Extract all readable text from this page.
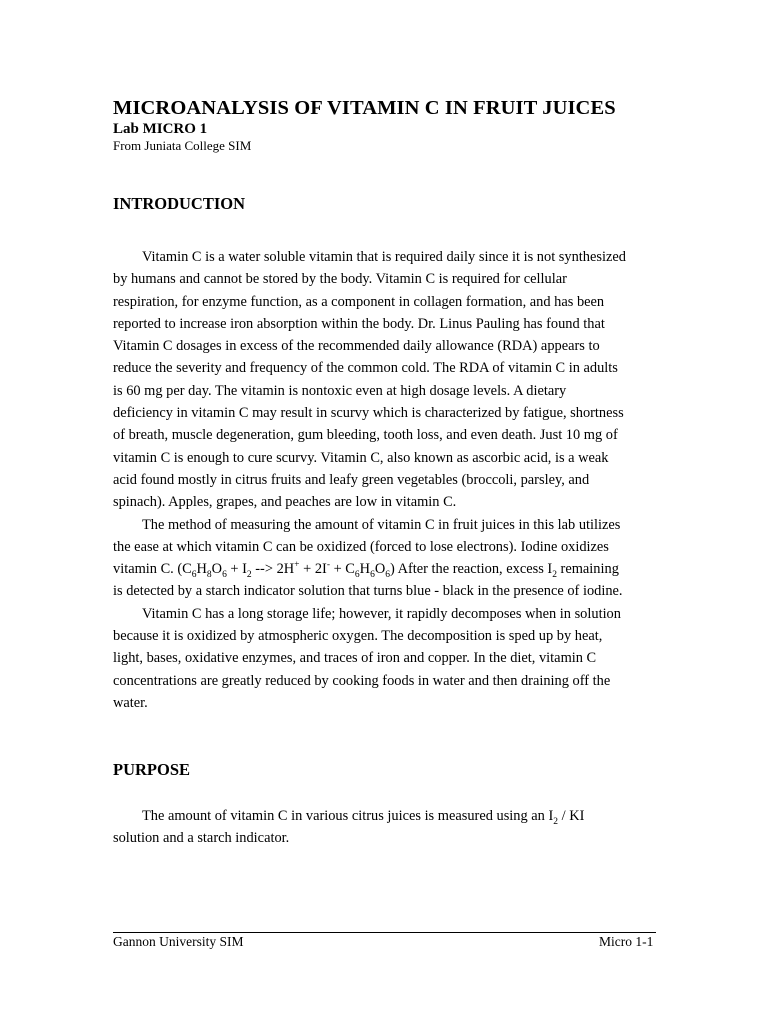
MICROANALYSIS OF VITAMIN C IN FRUIT JUICES
Lab MICRO 1
From Juniata College SIM
INTRODUCTION
Vitamin C is a water soluble vitamin that is required daily since it is not synthesized
by humans and cannot be stored by the body. Vitamin C is required for cellular
respiration, for enzyme function, as a component in collagen formation, and has been
reported to increase iron absorption within the body. Dr. Linus Pauling has found that
Vitamin C dosages in excess of the recommended daily allowance (RDA) appears to
reduce the severity and frequency of the common cold. The RDA of vitamin C in adults
is 60 mg per day. The vitamin is nontoxic even at high dosage levels. A dietary
deficiency in vitamin C may result in scurvy which is characterized by fatigue, shortness
of breath, muscle degeneration, gum bleeding, tooth loss, and even death. Just 10 mg of
vitamin C is enough to cure scurvy. Vitamin C, also known as ascorbic acid, is a weak
acid found mostly in citrus fruits and leafy green vegetables (broccoli, parsley, and
spinach). Apples, grapes, and peaches are low in vitamin C.
The method of measuring the amount of vitamin C in fruit juices in this lab utilizes
the ease at which vitamin C can be oxidized (forced to lose electrons). Iodine oxidizes
vitamin C. ($C_6H_8O_6 + I_2$ --> $2H^+ + 2I^- + C_6H_6O_6$) After the reaction, excess $I_2$ remaining
is detected by a starch indicator solution that turns blue - black in the presence of iodine.
Vitamin C has a long storage life; however, it rapidly decomposes when in solution
because it is oxidized by atmospheric oxygen. The decomposition is sped up by heat,
light, bases, oxidative enzymes, and traces of iron and copper. In the diet, vitamin C
concentrations are greatly reduced by cooking foods in water and then draining off the
water.
PURPOSE
The amount of vitamin C in various citrus juices is measured using an $I_2$ / KI
solution and a starch indicator.
Gannon University SIM	Micro 1-1
